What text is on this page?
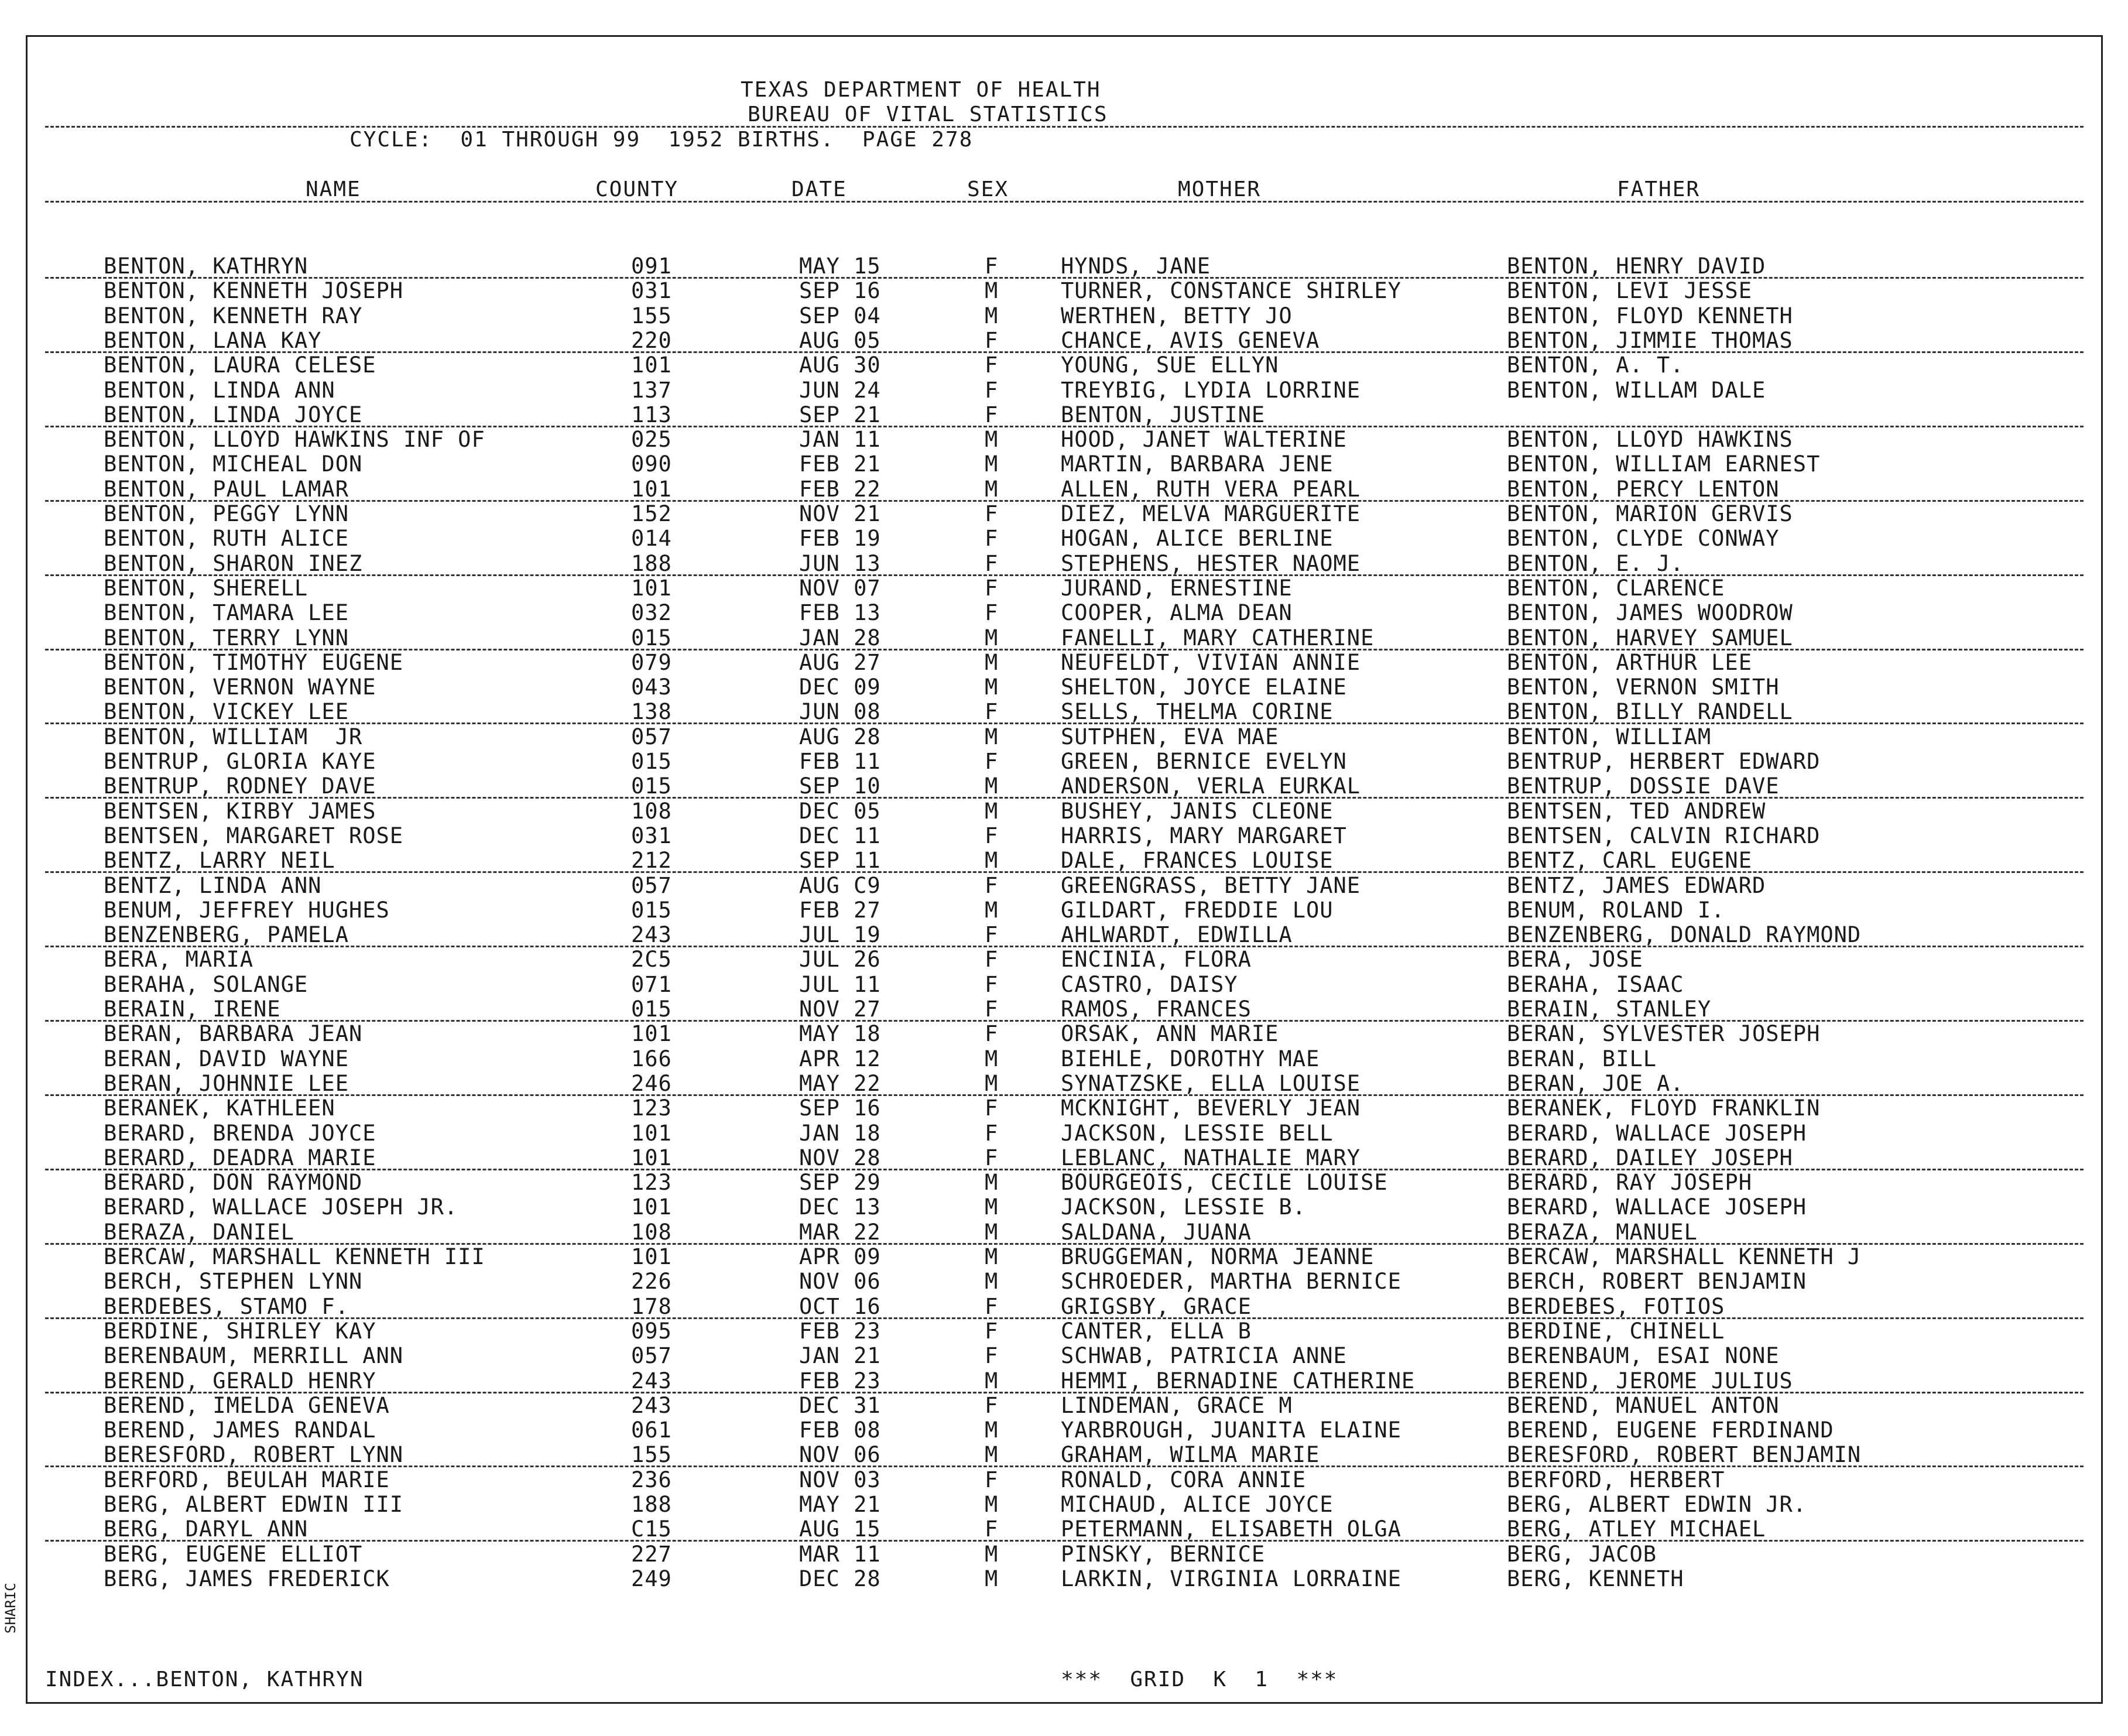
TEXAS DEPARTMENT OF HEALTH
BUREAU OF VITAL STATISTICS
CYCLE:  01 THROUGH 99  1952 BIRTHS.  PAGE 278
NAME	COUNTY	DATE	SEX	MOTHER	FATHER
BENTON, KATHRYN	091	MAY 15	F	HYNDS, JANE	BENTON, HENRY DAVID
BENTON, KENNETH JOSEPH	031	SEP 16	M	TURNER, CONSTANCE SHIRLEY	BENTON, LEVI JESSE
BENTON, KENNETH RAY	155	SEP 04	M	WERTHEN, BETTY JO	BENTON, FLOYD KENNETH
BENTON, LANA KAY	220	AUG 05	F	CHANCE, AVIS GENEVA	BENTON, JIMMIE THOMAS
BENTON, LAURA CELESE	101	AUG 30	F	YOUNG, SUE ELLYN	BENTON, A. T.
BENTON, LINDA ANN	137	JUN 24	F	TREYBIG, LYDIA LORRINE	BENTON, WILLAM DALE
BENTON, LINDA JOYCE	113	SEP 21	F	BENTON, JUSTINE
BENTON, LLOYD HAWKINS INF OF	025	JAN 11	M	HOOD, JANET WALTERINE	BENTON, LLOYD HAWKINS
BENTON, MICHEAL DON	090	FEB 21	M	MARTIN, BARBARA JENE	BENTON, WILLIAM EARNEST
BENTON, PAUL LAMAR	101	FEB 22	M	ALLEN, RUTH VERA PEARL	BENTON, PERCY LENTON
BENTON, PEGGY LYNN	152	NOV 21	F	DIEZ, MELVA MARGUERITE	BENTON, MARION GERVIS
BENTON, RUTH ALICE	014	FEB 19	F	HOGAN, ALICE BERLINE	BENTON, CLYDE CONWAY
BENTON, SHARON INEZ	188	JUN 13	F	STEPHENS, HESTER NAOME	BENTON, E. J.
BENTON, SHERELL	101	NOV 07	F	JURAND, ERNESTINE	BENTON, CLARENCE
BENTON, TAMARA LEE	032	FEB 13	F	COOPER, ALMA DEAN	BENTON, JAMES WOODROW
BENTON, TERRY LYNN	015	JAN 28	M	FANELLI, MARY CATHERINE	BENTON, HARVEY SAMUEL
BENTON, TIMOTHY EUGENE	079	AUG 27	M	NEUFELDT, VIVIAN ANNIE	BENTON, ARTHUR LEE
BENTON, VERNON WAYNE	043	DEC 09	M	SHELTON, JOYCE ELAINE	BENTON, VERNON SMITH
BENTON, VICKEY LEE	138	JUN 08	F	SELLS, THELMA CORINE	BENTON, BILLY RANDELL
BENTON, WILLIAM  JR	057	AUG 28	M	SUTPHEN, EVA MAE	BENTON, WILLIAM
BENTRUP, GLORIA KAYE	015	FEB 11	F	GREEN, BERNICE EVELYN	BENTRUP, HERBERT EDWARD
BENTRUP, RODNEY DAVE	015	SEP 10	M	ANDERSON, VERLA EURKAL	BENTRUP, DOSSIE DAVE
BENTSEN, KIRBY JAMES	108	DEC 05	M	BUSHEY, JANIS CLEONE	BENTSEN, TED ANDREW
BENTSEN, MARGARET ROSE	031	DEC 11	F	HARRIS, MARY MARGARET	BENTSEN, CALVIN RICHARD
BENTZ, LARRY NEIL	212	SEP 11	M	DALE, FRANCES LOUISE	BENTZ, CARL EUGENE
BENTZ, LINDA ANN	057	AUG C9	F	GREENGRASS, BETTY JANE	BENTZ, JAMES EDWARD
BENUM, JEFFREY HUGHES	015	FEB 27	M	GILDART, FREDDIE LOU	BENUM, ROLAND I.
BENZENBERG, PAMELA	243	JUL 19	F	AHLWARDT, EDWILLA	BENZENBERG, DONALD RAYMOND
BERA, MARIA	2C5	JUL 26	F	ENCINIA, FLORA	BERA, JOSE
BERAHA, SOLANGE	071	JUL 11	F	CASTRO, DAISY	BERAHA, ISAAC
BERAIN, IRENE	015	NOV 27	F	RAMOS, FRANCES	BERAIN, STANLEY
BERAN, BARBARA JEAN	101	MAY 18	F	ORSAK, ANN MARIE	BERAN, SYLVESTER JOSEPH
BERAN, DAVID WAYNE	166	APR 12	M	BIEHLE, DOROTHY MAE	BERAN, BILL
BERAN, JOHNNIE LEE	246	MAY 22	M	SYNATZSKE, ELLA LOUISE	BERAN, JOE A.
BERANEK, KATHLEEN	123	SEP 16	F	MCKNIGHT, BEVERLY JEAN	BERANEK, FLOYD FRANKLIN
BERARD, BRENDA JOYCE	101	JAN 18	F	JACKSON, LESSIE BELL	BERARD, WALLACE JOSEPH
BERARD, DEADRA MARIE	101	NOV 28	F	LEBLANC, NATHALIE MARY	BERARD, DAILEY JOSEPH
BERARD, DON RAYMOND	123	SEP 29	M	BOURGEOIS, CECILE LOUISE	BERARD, RAY JOSEPH
BERARD, WALLACE JOSEPH JR.	101	DEC 13	M	JACKSON, LESSIE B.	BERARD, WALLACE JOSEPH
BERAZA, DANIEL	108	MAR 22	M	SALDANA, JUANA	BERAZA, MANUEL
BERCAW, MARSHALL KENNETH III	101	APR 09	M	BRUGGEMAN, NORMA JEANNE	BERCAW, MARSHALL KENNETH J
BERCH, STEPHEN LYNN	226	NOV 06	M	SCHROEDER, MARTHA BERNICE	BERCH, ROBERT BENJAMIN
BERDEBES, STAMO F.	178	OCT 16	F	GRIGSBY, GRACE	BERDEBES, FOTIOS
BERDINE, SHIRLEY KAY	095	FEB 23	F	CANTER, ELLA B	BERDINE, CHINELL
BERENBAUM, MERRILL ANN	057	JAN 21	F	SCHWAB, PATRICIA ANNE	BERENBAUM, ESAI NONE
BEREND, GERALD HENRY	243	FEB 23	M	HEMMI, BERNADINE CATHERINE	BEREND, JEROME JULIUS
BEREND, IMELDA GENEVA	243	DEC 31	F	LINDEMAN, GRACE M	BEREND, MANUEL ANTON
BEREND, JAMES RANDAL	061	FEB 08	M	YARBROUGH, JUANITA ELAINE	BEREND, EUGENE FERDINAND
BERESFORD, ROBERT LYNN	155	NOV 06	M	GRAHAM, WILMA MARIE	BERESFORD, ROBERT BENJAMIN
BERFORD, BEULAH MARIE	236	NOV 03	F	RONALD, CORA ANNIE	BERFORD, HERBERT
BERG, ALBERT EDWIN III	188	MAY 21	M	MICHAUD, ALICE JOYCE	BERG, ALBERT EDWIN JR.
BERG, DARYL ANN	C15	AUG 15	F	PETERMANN, ELISABETH OLGA	BERG, ATLEY MICHAEL
BERG, EUGENE ELLIOT	227	MAR 11	M	PINSKY, BERNICE	BERG, JACOB
BERG, JAMES FREDERICK	249	DEC 28	M	LARKIN, VIRGINIA LORRAINE	BERG, KENNETH
INDEX...BENTON, KATHRYN	***  GRID  K  1  ***
SHARIC
